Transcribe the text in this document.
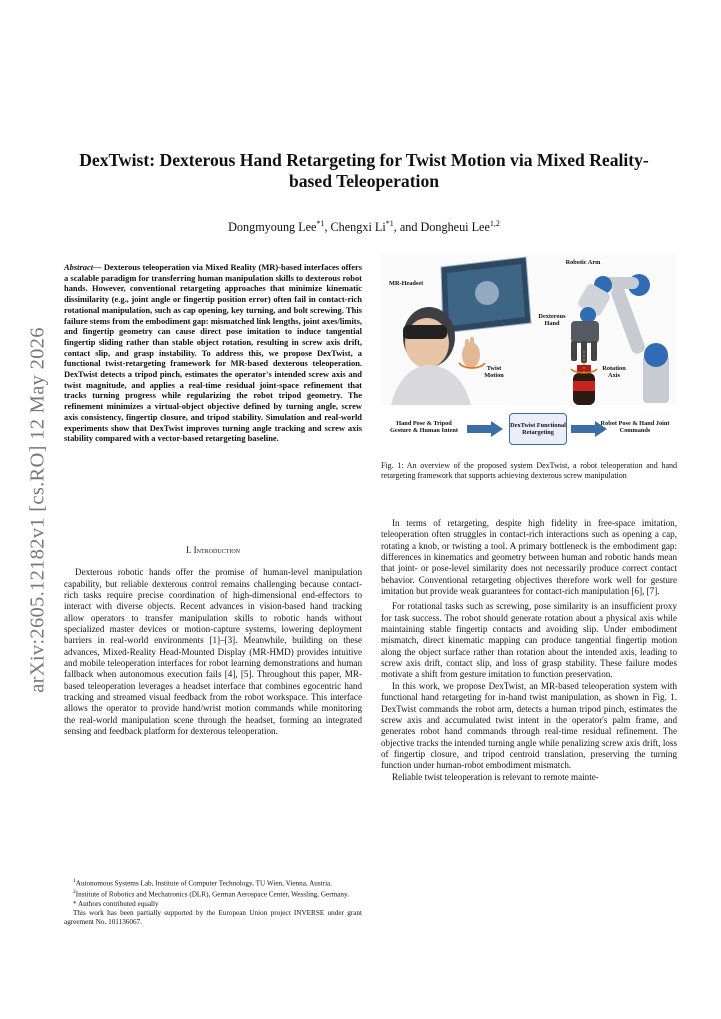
arXiv:2605.12182v1 [cs.RO] 12 May 2026
DexTwist: Dexterous Hand Retargeting for Twist Motion via Mixed Reality-based Teleoperation
Dongmyoung Lee$^{*1}$, Chengxi Li$^{*1}$, and Dongheui Lee$^{1,2}$
Abstract— Dexterous teleoperation via Mixed Reality (MR)-based interfaces offers a scalable paradigm for transferring human manipulation skills to dexterous robot hands. However, conventional retargeting approaches that minimize kinematic dissimilarity (e.g., joint angle or fingertip position error) often fail in contact-rich rotational manipulation, such as cap opening, key turning, and bolt screwing. This failure stems from the embodiment gap: mismatched link lengths, joint axes/limits, and fingertip geometry can cause direct pose imitation to induce tangential fingertip sliding rather than stable object rotation, resulting in screw axis drift, contact slip, and grasp instability. To address this, we propose DexTwist, a functional twist-retargeting framework for MR-based dexterous teleoperation. DexTwist detects a tripod pinch, estimates the operator's intended screw axis and twist magnitude, and applies a real-time residual joint-space refinement that tracks turning progress while regularizing the robot tripod geometry. The refinement minimizes a virtual-object objective defined by turning angle, screw axis consistency, fingertip closure, and tripod stability. Simulation and real-world experiments show that DexTwist improves turning angle tracking and screw axis stability compared with a vector-based retargeting baseline.
I. Introduction

Dexterous robotic hands offer the promise of human-level manipulation capability, but reliable dexterous control remains challenging because contact-rich tasks require precise coordination of high-dimensional end-effectors to interact with diverse objects. Recent advances in vision-based hand tracking allow operators to transfer manipulation skills to robotic hands without specialized master devices or motion-capture systems, lowering deployment barriers in real-world environments [1]–[3]. Meanwhile, building on these advances, Mixed-Reality Head-Mounted Display (MR-HMD) provides intuitive and mobile teleoperation interfaces for robot learning demonstrations and human fallback when autonomous execution fails [4], [5]. Throughout this paper, MR-based teleoperation leverages a headset interface that combines egocentric hand tracking and streamed visual feedback from the robot workspace. This interface allows the operator to provide hand/wrist motion commands while monitoring the real-world manipulation scene through the headset, forming an integrated sensing and feedback platform for dexterous teleoperation.

$^1$Autonomous Systems Lab, Institute of Computer Technology, TU Wien, Vienna, Austria.
$^2$Institute of Robotics and Mechatronics (DLR), German Aerospace Center, Wessling, Germany.
* Authors contributed equally
This work has been partially supported by the European Union project INVERSE under grant agreement No. 101136067.
MR-Headset
Robotic Arm
Dexterous Hand
Twist Motion
Rotation Axis
Hand Pose & Tripod Gesture & Human Intent
DexTwist Functional Retargeting
Robot Pose & Hand Joint Commands
Fig. 1: An overview of the proposed system DexTwist, a robot teleoperation and hand retargeting framework that supports achieving dexterous screw manipulation

In terms of retargeting, despite high fidelity in free-space imitation, teleoperation often struggles in contact-rich interactions such as opening a cap, rotating a knob, or twisting a tool. A primary bottleneck is the embodiment gap: differences in kinematics and geometry between human and robotic hands mean that joint- or pose-level similarity does not necessarily produce correct contact behavior. Conventional retargeting objectives therefore work well for gesture imitation but provide weak guarantees for contact-rich manipulation [6], [7].

For rotational tasks such as screwing, pose similarity is an insufficient proxy for task success. The robot should generate rotation about a physical axis while maintaining stable fingertip contacts and avoiding slip. Under embodiment mismatch, direct kinematic mapping can produce tangential fingertip motion along the object surface rather than rotation about the intended axis, leading to screw axis drift, contact slip, and loss of grasp stability. These failure modes motivate a shift from gesture imitation to function preservation.

In this work, we propose DexTwist, an MR-based teleoperation system with functional hand retargeting for in-hand twist manipulation, as shown in Fig. 1. DexTwist commands the robot arm, detects a human tripod pinch, estimates the screw axis and accumulated twist intent in the operator's palm frame, and generates robot hand commands through real-time residual refinement. The objective tracks the intended turning angle while penalizing screw axis drift, loss of fingertip closure, and tripod centroid translation, preserving the turning function under human-robot embodiment mismatch.

Reliable twist teleoperation is relevant to remote mainte-
